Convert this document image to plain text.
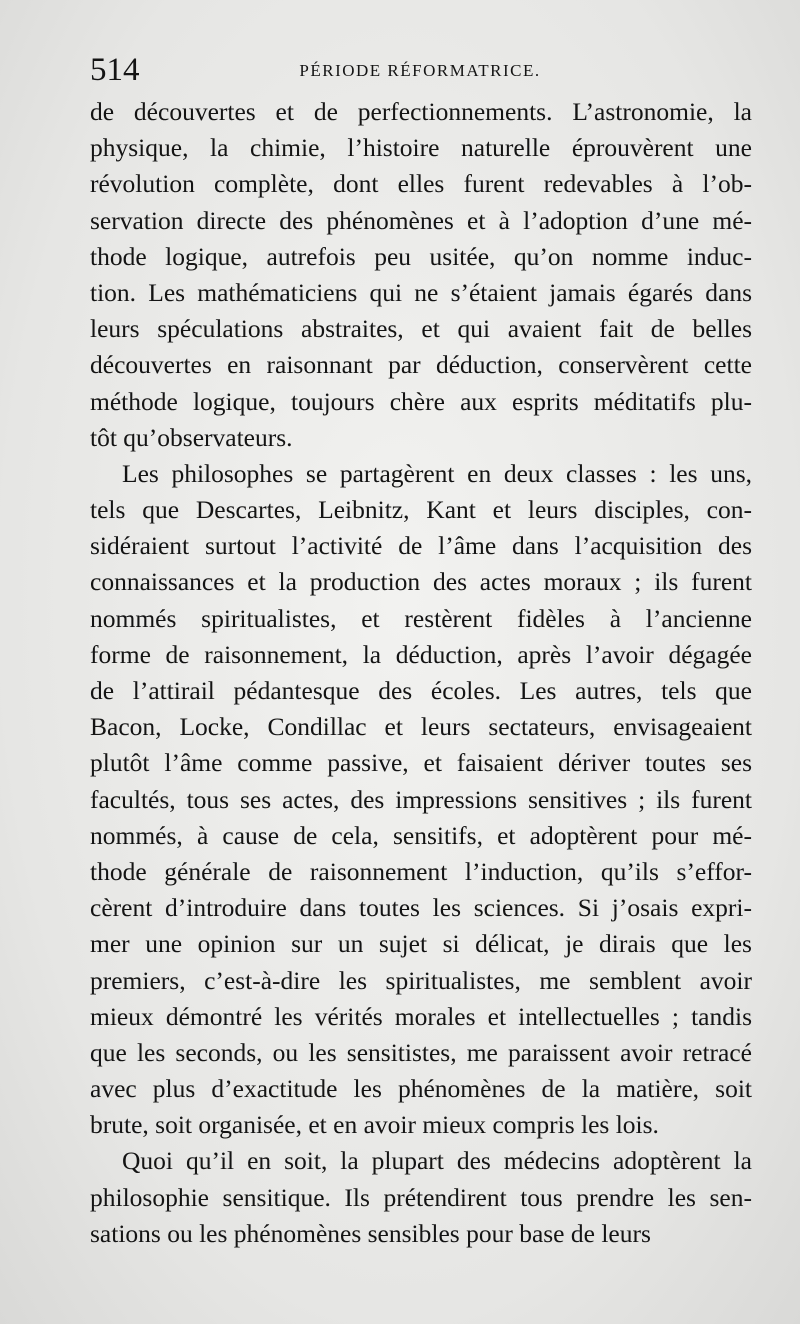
514	PÉRIODE RÉFORMATRICE.
de découvertes et de perfectionnements. L’astronomie, la
physique, la chimie, l’histoire naturelle éprouvèrent une
révolution complète, dont elles furent redevables à l’ob-
servation directe des phénomènes et à l’adoption d’une mé-
thode logique, autrefois peu usitée, qu’on nomme induc-
tion. Les mathématiciens qui ne s’étaient jamais égarés dans
leurs spéculations abstraites, et qui avaient fait de belles
découvertes en raisonnant par déduction, conservèrent cette
méthode logique, toujours chère aux esprits méditatifs plu-
tôt qu’observateurs.
Les philosophes se partagèrent en deux classes : les uns,
tels que Descartes, Leibnitz, Kant et leurs disciples, con-
sidéraient surtout l’activité de l’âme dans l’acquisition des
connaissances et la production des actes moraux ; ils furent
nommés spiritualistes, et restèrent fidèles à l’ancienne
forme de raisonnement, la déduction, après l’avoir dégagée
de l’attirail pédantesque des écoles. Les autres, tels que
Bacon, Locke, Condillac et leurs sectateurs, envisageaient
plutôt l’âme comme passive, et faisaient dériver toutes ses
facultés, tous ses actes, des impressions sensitives ; ils furent
nommés, à cause de cela, sensitifs, et adoptèrent pour mé-
thode générale de raisonnement l’induction, qu’ils s’effor-
cèrent d’introduire dans toutes les sciences. Si j’osais expri-
mer une opinion sur un sujet si délicat, je dirais que les
premiers, c’est-à-dire les spiritualistes, me semblent avoir
mieux démontré les vérités morales et intellectuelles ; tandis
que les seconds, ou les sensitistes, me paraissent avoir retracé
avec plus d’exactitude les phénomènes de la matière, soit
brute, soit organisée, et en avoir mieux compris les lois.
Quoi qu’il en soit, la plupart des médecins adoptèrent la
philosophie sensitique. Ils prétendirent tous prendre les sen-
sations ou les phénomènes sensibles pour base de leurs
